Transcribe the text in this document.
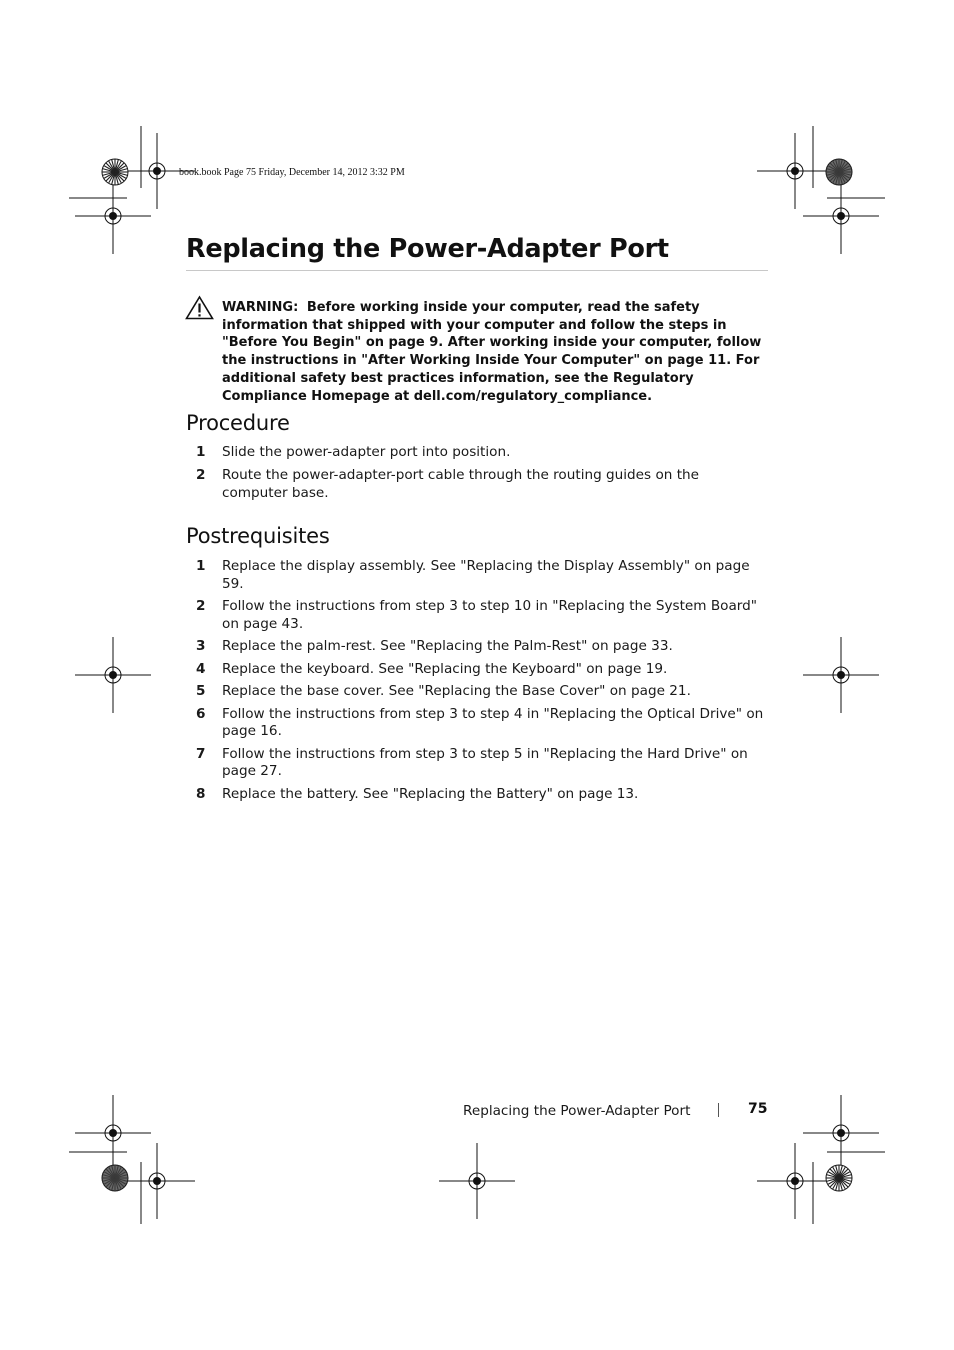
book.book Page 75 Friday, December 14, 2012 3:32 PM
Replacing the Power-Adapter Port
WARNING: Before working inside your computer, read the safety information that shipped with your computer and follow the steps in "Before You Begin" on page 9. After working inside your computer, follow the instructions in "After Working Inside Your Computer" on page 11. For additional safety best practices information, see the Regulatory Compliance Homepage at dell.com/regulatory_compliance.
Procedure
1 Slide the power-adapter port into position.
2 Route the power-adapter-port cable through the routing guides on the computer base.
Postrequisites
1 Replace the display assembly. See "Replacing the Display Assembly" on page 59.
2 Follow the instructions from step 3 to step 10 in "Replacing the System Board" on page 43.
3 Replace the palm-rest. See "Replacing the Palm-Rest" on page 33.
4 Replace the keyboard. See "Replacing the Keyboard" on page 19.
5 Replace the base cover. See "Replacing the Base Cover" on page 21.
6 Follow the instructions from step 3 to step 4 in "Replacing the Optical Drive" on page 16.
7 Follow the instructions from step 3 to step 5 in "Replacing the Hard Drive" on page 27.
8 Replace the battery. See "Replacing the Battery" on page 13.
Replacing the Power-Adapter Port	75
